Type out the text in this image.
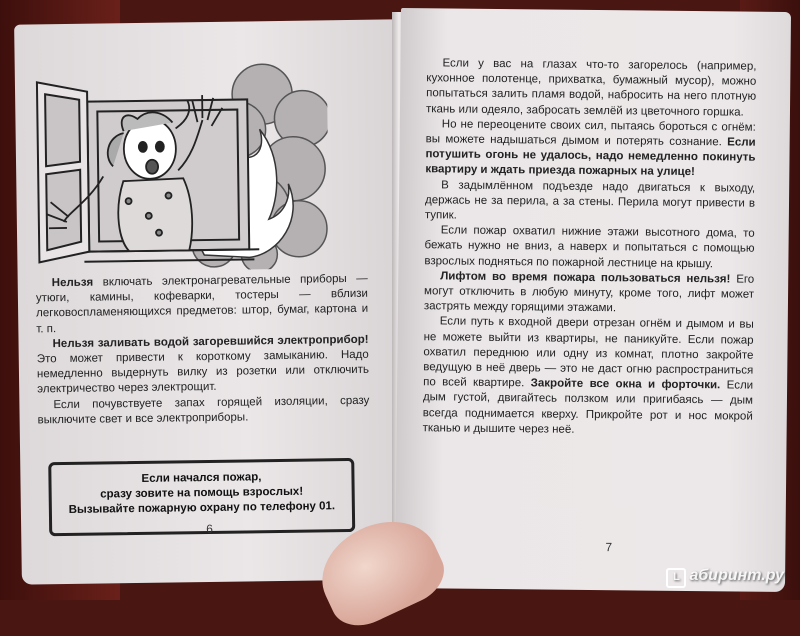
Нельзя включать электронагревательные приборы — утюги, камины, кофеварки, тостеры — вблизи легковоспламеняющихся предметов: штор, бумаг, картона и т. п.

Нельзя заливать водой загоревшийся электроприбор! Это может привести к короткому замыканию. Надо немедленно выдернуть вилку из розетки или отключить электричество через электрощит.

Если почувствуете запах горящей изоляции, сразу выключите свет и все электроприборы.

Если начался пожар,
сразу зовите на помощь взрослых!
Вызывайте пожарную охрану по телефону 01.
6

Если у вас на глазах что-то загорелось (например, кухонное полотенце, прихватка, бумажный мусор), можно попытаться залить пламя водой, набросить на него плотную ткань или одеяло, забросать землёй из цветочного горшка.

Но не переоцените своих сил, пытаясь бороться с огнём: вы можете надышаться дымом и потерять сознание. Если потушить огонь не удалось, надо немедленно покинуть квартиру и ждать приезда пожарных на улице!

В задымлённом подъезде надо двигаться к выходу, держась не за перила, а за стены. Перила могут привести в тупик.

Если пожар охватил нижние этажи высотного дома, то бежать нужно не вниз, а наверх и попытаться с помощью взрослых подняться по пожарной лестнице на крышу.

Лифтом во время пожара пользоваться нельзя! Его могут отключить в любую минуту, кроме того, лифт может застрять между горящими этажами.

Если путь к входной двери отрезан огнём и дымом и вы не можете выйти из квартиры, не паникуйте. Если пожар охватил переднюю или одну из комнат, плотно закройте ведущую в неё дверь — это не даст огню распространиться по всей квартире. Закройте все окна и форточки. Если дым густой, двигайтесь ползком или пригибаясь — дым всегда поднимается кверху. Прикройте рот и нос мокрой тканью и дышите через неё.

7
L абиринт.ру
